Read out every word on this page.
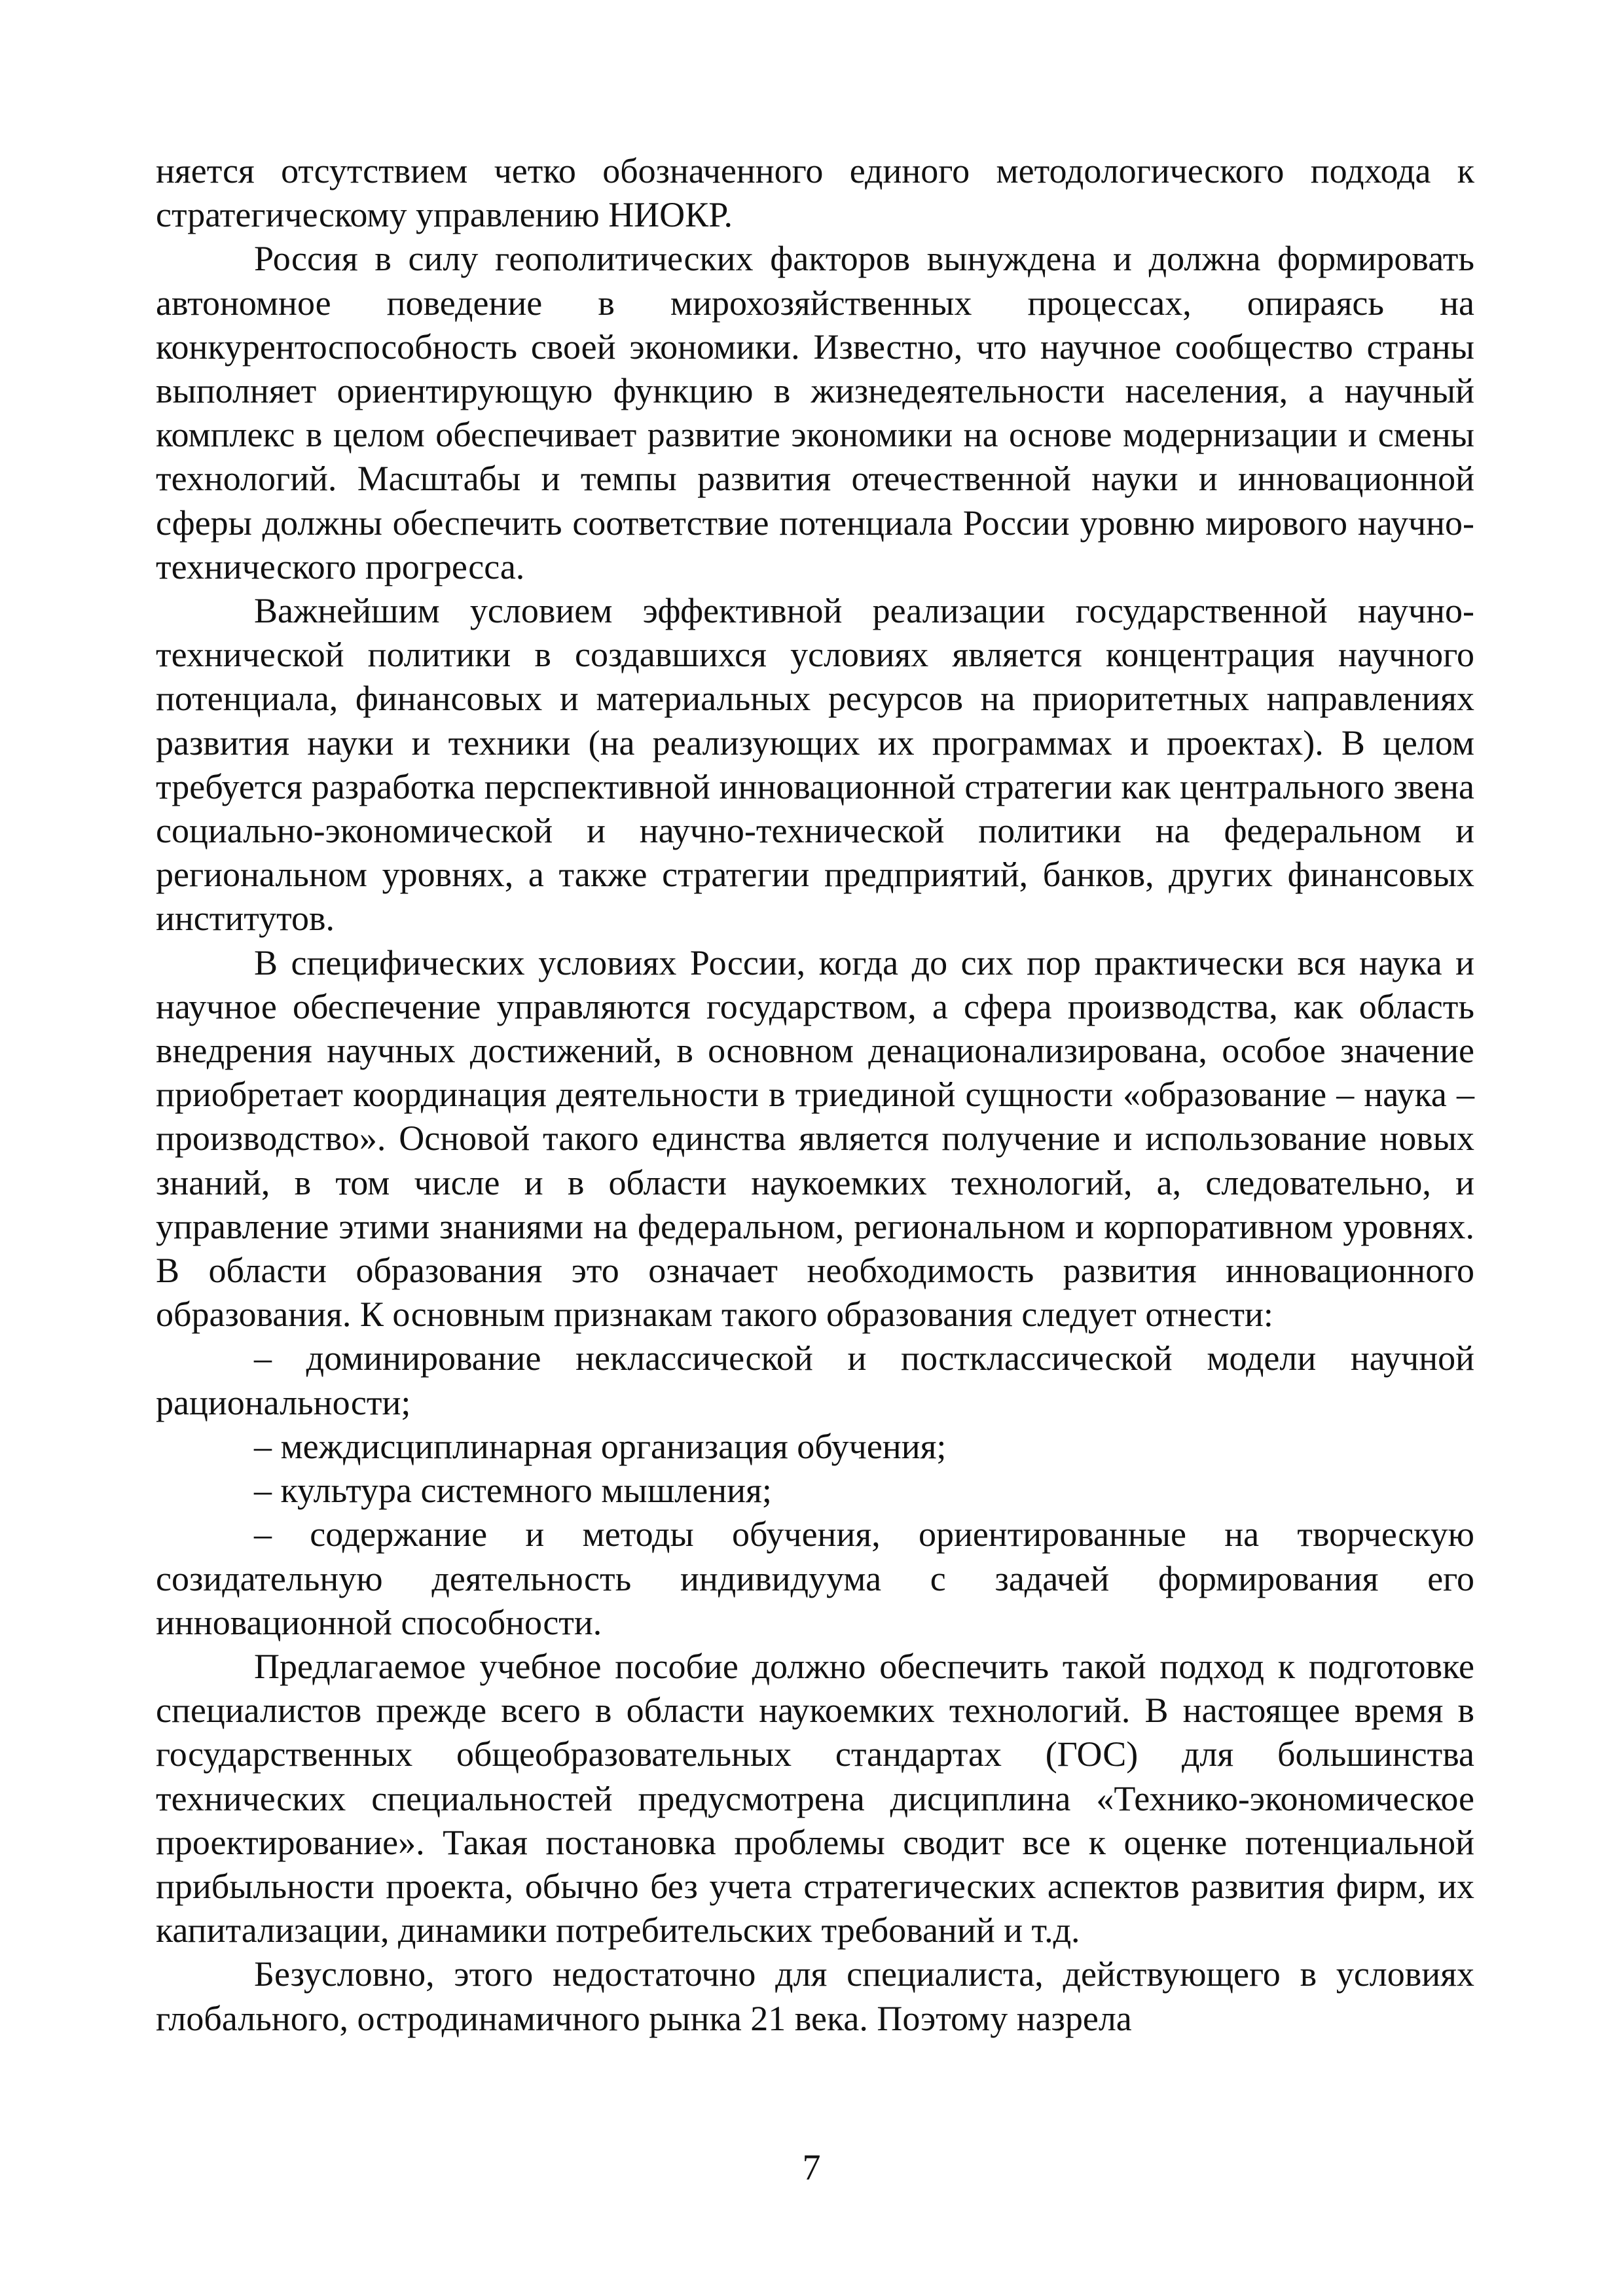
няется отсутствием четко обозначенного единого методологического подхода к стратегическому управлению НИОКР.

Россия в силу геополитических факторов вынуждена и должна формировать автономное поведение в мирохозяйственных процессах, опираясь на конкурентоспособность своей экономики. Известно, что научное сообщество страны выполняет ориентирующую функцию в жизнедеятельности населения, а научный комплекс в целом обеспечивает развитие экономики на основе модернизации и смены технологий. Масштабы и темпы развития отечественной науки и инновационной сферы должны обеспечить соответствие потенциала России уровню мирового научно-технического прогресса.

Важнейшим условием эффективной реализации государственной научно-технической политики в создавшихся условиях является концентрация научного потенциала, финансовых и материальных ресурсов на приоритетных направлениях развития науки и техники (на реализующих их программах и проектах). В целом требуется разработка перспективной инновационной стратегии как центрального звена социально-экономической и научно-технической политики на федеральном и региональном уровнях, а также стратегии предприятий, банков, других финансовых институтов.

В специфических условиях России, когда до сих пор практически вся наука и научное обеспечение управляются государством, а сфера производства, как область внедрения научных достижений, в основном денационализирована, особое значение приобретает координация деятельности в триединой сущности «образование – наука – производство». Основой такого единства является получение и использование новых знаний, в том числе и в области наукоемких технологий, а, следовательно, и управление этими знаниями на федеральном, региональном и корпоративном уровнях. В области образования это означает необходимость развития инновационного образования. К основным признакам такого образования следует отнести:

– доминирование неклассической и постклассической модели научной рациональности;

– междисциплинарная организация обучения;

– культура системного мышления;

– содержание и методы обучения, ориентированные на творческую созидательную деятельность индивидуума с задачей формирования его инновационной способности.

Предлагаемое учебное пособие должно обеспечить такой подход к подготовке специалистов прежде всего в области наукоемких технологий. В настоящее время в государственных общеобразовательных стандартах (ГОС) для большинства технических специальностей предусмотрена дисциплина «Технико-экономическое проектирование». Такая постановка проблемы сводит все к оценке потенциальной прибыльности проекта, обычно без учета стратегических аспектов развития фирм, их капитализации, динамики потребительских требований и т.д.

Безусловно, этого недостаточно для специалиста, действующего в условиях глобального, остродинамичного рынка 21 века. Поэтому назрела

7
